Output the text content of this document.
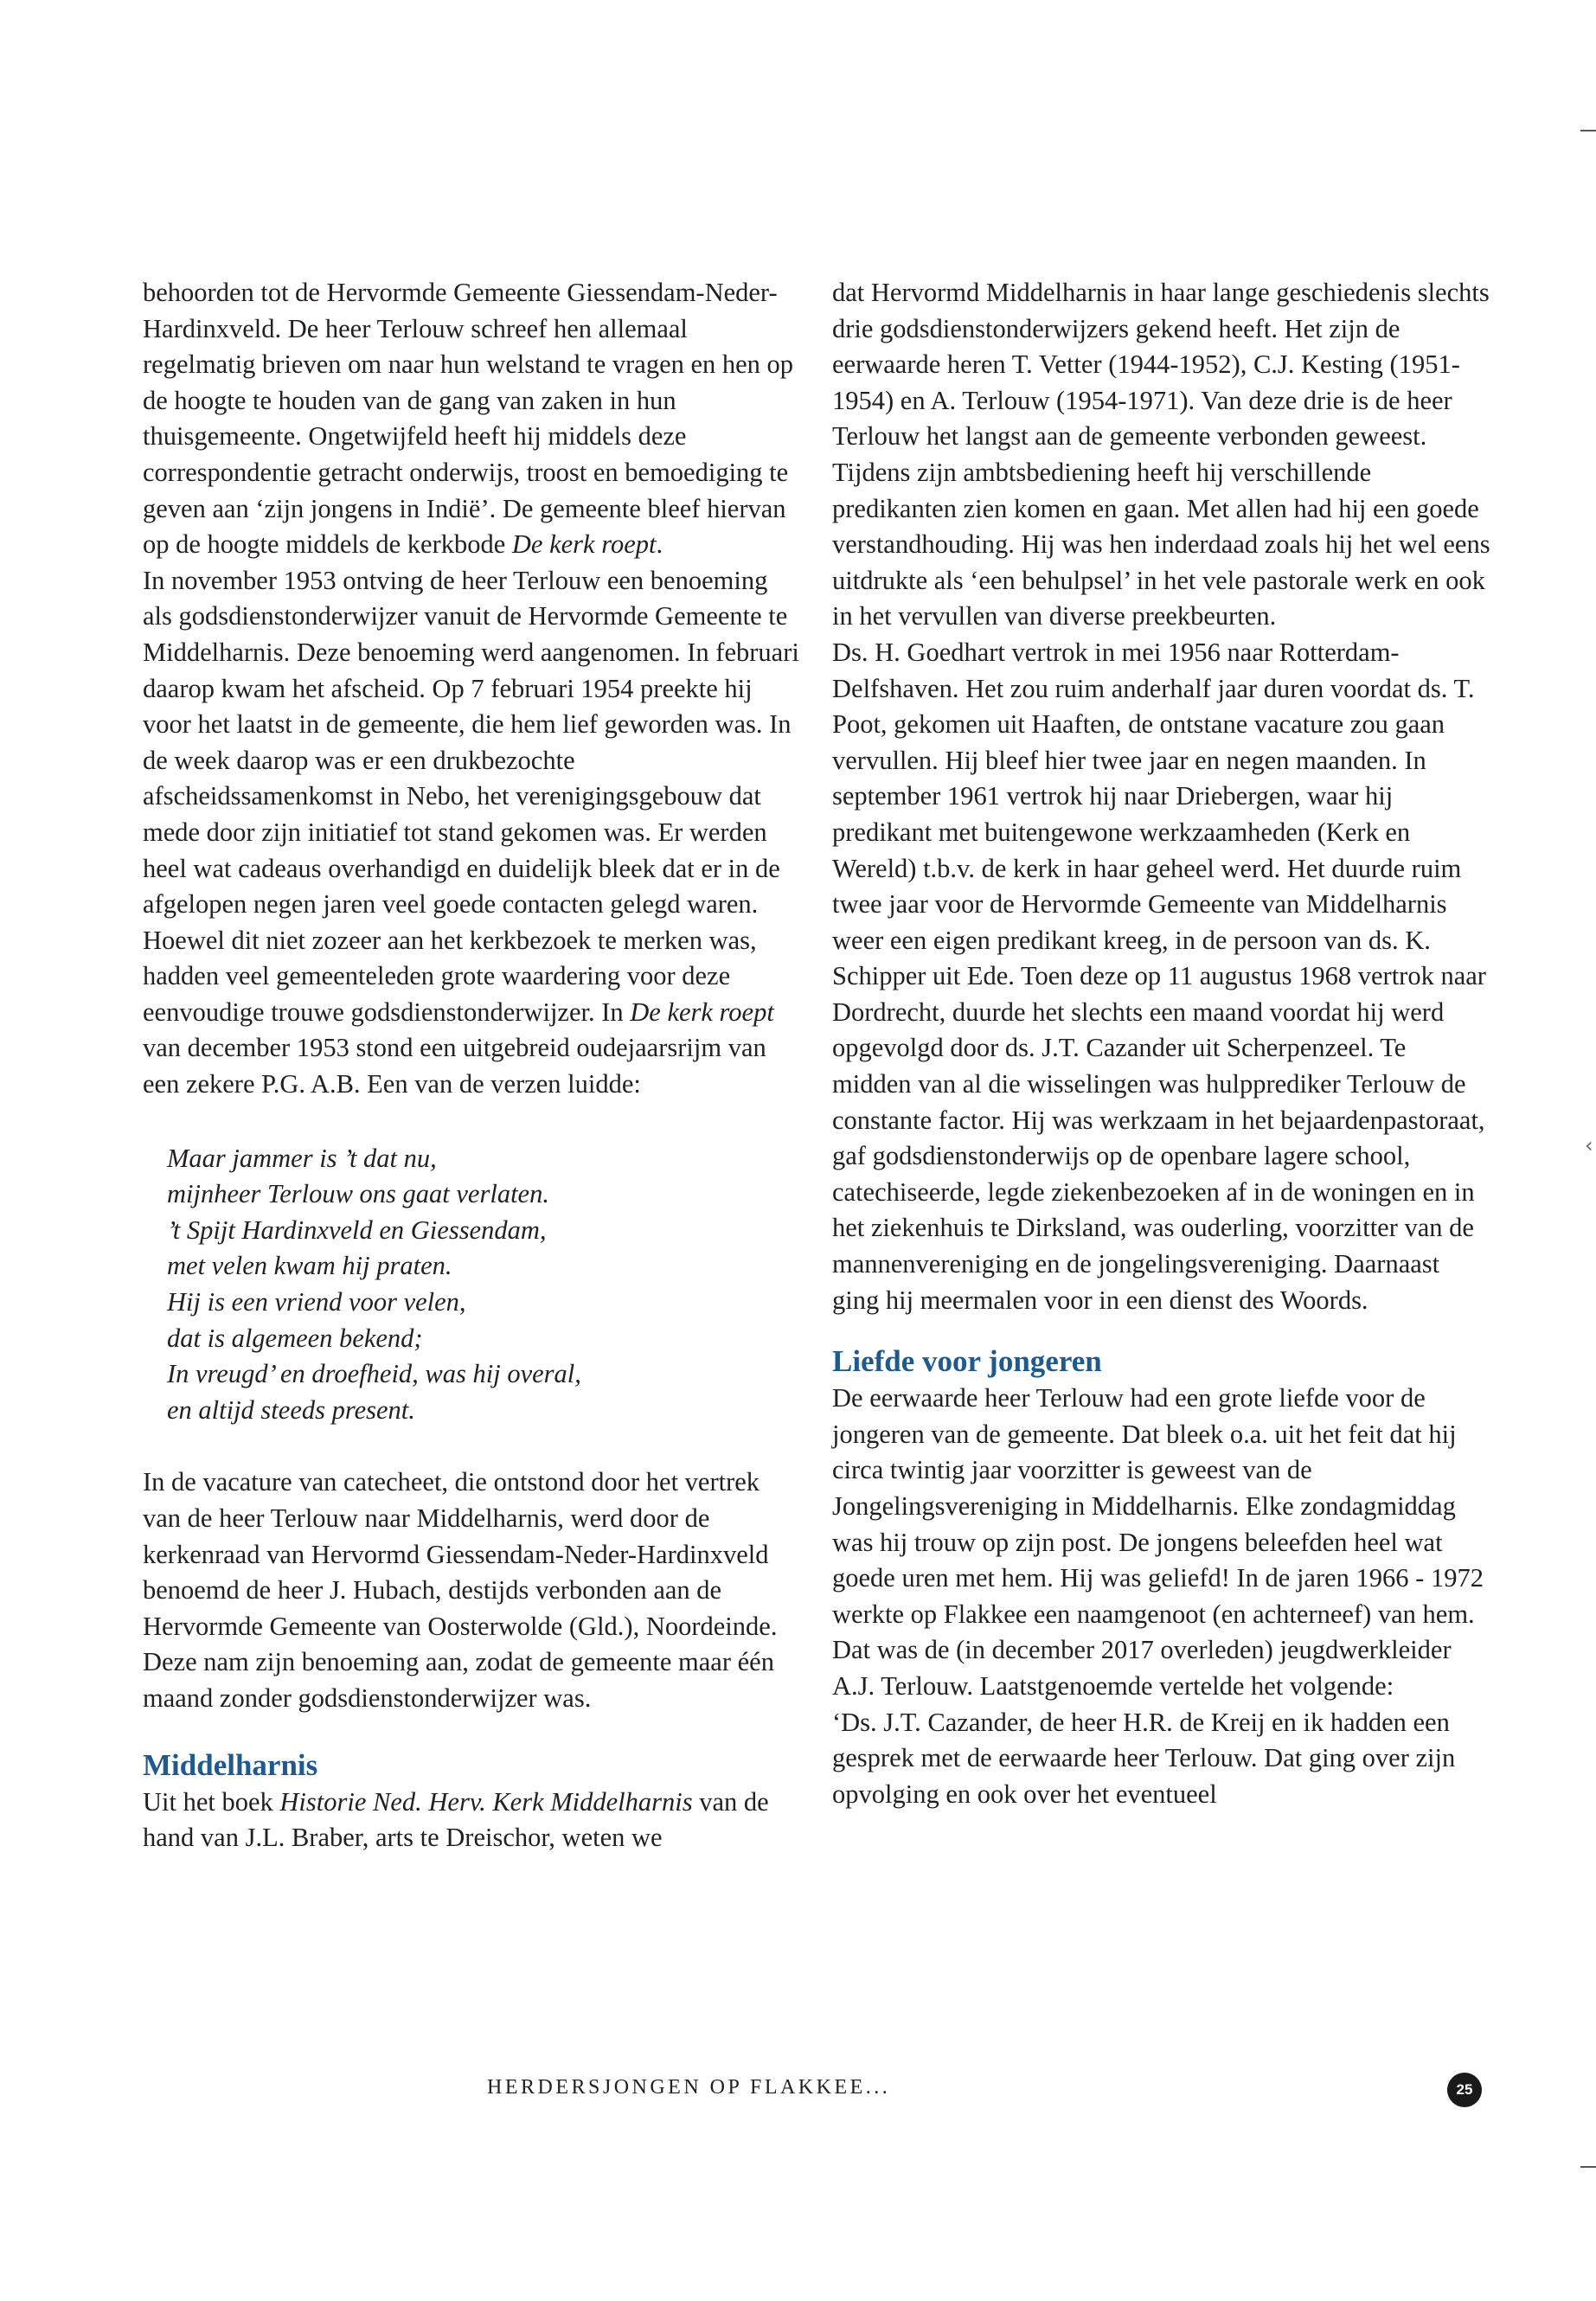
‹

behoorden tot de Hervormde Gemeente Giessendam-Neder-Hardinxveld. De heer Terlouw schreef hen allemaal regelmatig brieven om naar hun welstand te vragen en hen op de hoogte te houden van de gang van zaken in hun thuisgemeente. Ongetwijfeld heeft hij middels deze correspondentie getracht onderwijs, troost en bemoediging te geven aan ‘zijn jongens in Indië’. De gemeente bleef hiervan op de hoogte middels de kerkbode De kerk roept.

In november 1953 ontving de heer Terlouw een benoeming als godsdienstonderwijzer vanuit de Hervormde Gemeente te Middelharnis. Deze benoeming werd aangenomen. In februari daarop kwam het afscheid. Op 7 februari 1954 preekte hij voor het laatst in de gemeente, die hem lief geworden was. In de week daarop was er een drukbezochte afscheidssamenkomst in Nebo, het verenigingsgebouw dat mede door zijn initiatief tot stand gekomen was. Er werden heel wat cadeaus overhandigd en duidelijk bleek dat er in de afgelopen negen jaren veel goede contacten gelegd waren. Hoewel dit niet zozeer aan het kerkbezoek te merken was, hadden veel gemeenteleden grote waardering voor deze eenvoudige trouwe godsdienstonderwijzer. In De kerk roept van december 1953 stond een uitgebreid oudejaarsrijm van een zekere P.G. A.B. Een van de verzen luidde:

Maar jammer is ’t dat nu,
mijnheer Terlouw ons gaat verlaten.
’t Spijt Hardinxveld en Giessendam,
met velen kwam hij praten.
Hij is een vriend voor velen,
dat is algemeen bekend;
In vreugd’ en droefheid, was hij overal,
en altijd steeds present.

In de vacature van catecheet, die ontstond door het vertrek van de heer Terlouw naar Middelharnis, werd door de kerkenraad van Hervormd Giessendam-Neder-Hardinxveld benoemd de heer J. Hubach, destijds verbonden aan de Hervormde Gemeente van Oosterwolde (Gld.), Noordeinde. Deze nam zijn benoeming aan, zodat de gemeente maar één maand zonder godsdienstonderwijzer was.

Middelharnis

Uit het boek Historie Ned. Herv. Kerk Middelharnis van de hand van J.L. Braber, arts te Dreischor, weten we

dat Hervormd Middelharnis in haar lange geschiedenis slechts drie godsdienstonderwijzers gekend heeft. Het zijn de eerwaarde heren T. Vetter (1944-1952), C.J. Kesting (1951-1954) en A. Terlouw (1954-1971). Van deze drie is de heer Terlouw het langst aan de gemeente verbonden geweest. Tijdens zijn ambtsbediening heeft hij verschillende predikanten zien komen en gaan. Met allen had hij een goede verstandhouding. Hij was hen inderdaad zoals hij het wel eens uitdrukte als ‘een behulpsel’ in het vele pastorale werk en ook in het vervullen van diverse preekbeurten.

Ds. H. Goedhart vertrok in mei 1956 naar Rotterdam-Delfshaven. Het zou ruim anderhalf jaar duren voordat ds. T. Poot, gekomen uit Haaften, de ontstane vacature zou gaan vervullen. Hij bleef hier twee jaar en negen maanden. In september 1961 vertrok hij naar Driebergen, waar hij predikant met buitengewone werkzaamheden (Kerk en Wereld) t.b.v. de kerk in haar geheel werd. Het duurde ruim twee jaar voor de Hervormde Gemeente van Middelharnis weer een eigen predikant kreeg, in de persoon van ds. K. Schipper uit Ede. Toen deze op 11 augustus 1968 vertrok naar Dordrecht, duurde het slechts een maand voordat hij werd opgevolgd door ds. J.T. Cazander uit Scherpenzeel. Te midden van al die wisselingen was hulpprediker Terlouw de constante factor. Hij was werkzaam in het bejaardenpastoraat, gaf godsdienstonderwijs op de openbare lagere school, catechiseerde, legde ziekenbezoeken af in de woningen en in het ziekenhuis te Dirksland, was ouderling, voorzitter van de mannenvereniging en de jongelingsvereniging. Daarnaast ging hij meermalen voor in een dienst des Woords.

Liefde voor jongeren

De eerwaarde heer Terlouw had een grote liefde voor de jongeren van de gemeente. Dat bleek o.a. uit het feit dat hij circa twintig jaar voorzitter is geweest van de Jongelingsvereniging in Middelharnis. Elke zondagmiddag was hij trouw op zijn post. De jongens beleefden heel wat goede uren met hem. Hij was geliefd! In de jaren 1966 - 1972 werkte op Flakkee een naamgenoot (en achterneef) van hem. Dat was de (in december 2017 overleden) jeugdwerkleider A.J. Terlouw. Laatstgenoemde vertelde het volgende:

‘Ds. J.T. Cazander, de heer H.R. de Kreij en ik hadden een gesprek met de eerwaarde heer Terlouw. Dat ging over zijn opvolging en ook over het eventueel

HERDERSJONGEN OP FLAKKEE...	25
